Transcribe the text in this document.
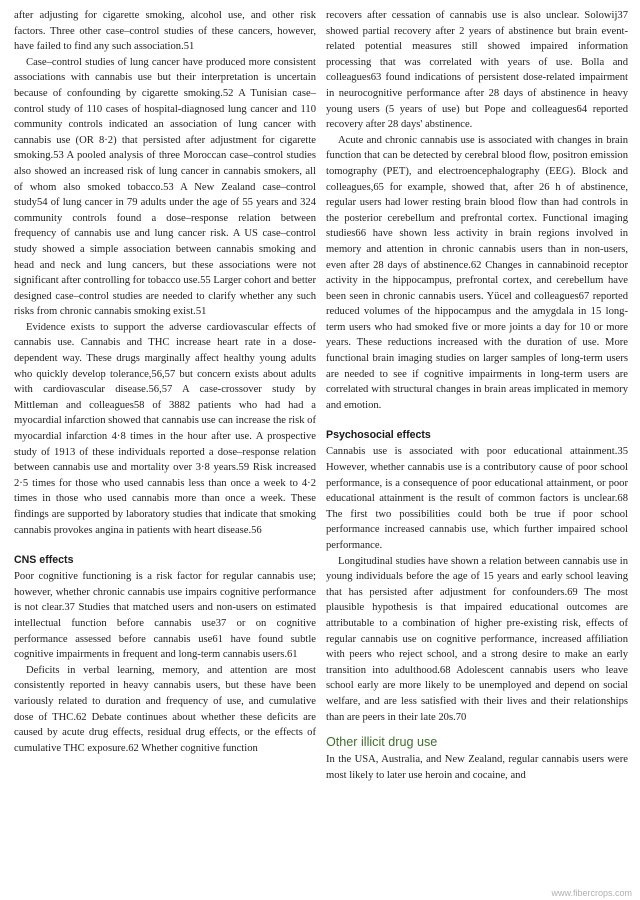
after adjusting for cigarette smoking, alcohol use, and other risk factors. Three other case–control studies of these cancers, however, have failed to find any such association.51

Case–control studies of lung cancer have produced more consistent associations with cannabis use but their interpretation is uncertain because of confounding by cigarette smoking.52 A Tunisian case–control study of 110 cases of hospital-diagnosed lung cancer and 110 community controls indicated an association of lung cancer with cannabis use (OR 8·2) that persisted after adjustment for cigarette smoking.53 A pooled analysis of three Moroccan case–control studies also showed an increased risk of lung cancer in cannabis smokers, all of whom also smoked tobacco.53 A New Zealand case–control study54 of lung cancer in 79 adults under the age of 55 years and 324 community controls found a dose–response relation between frequency of cannabis use and lung cancer risk. A US case–control study showed a simple association between cannabis smoking and head and neck and lung cancers, but these associations were not significant after controlling for tobacco use.55 Larger cohort and better designed case–control studies are needed to clarify whether any such risks from chronic cannabis smoking exist.51

Evidence exists to support the adverse cardiovascular effects of cannabis use. Cannabis and THC increase heart rate in a dose-dependent way. These drugs marginally affect healthy young adults who quickly develop tolerance,56,57 but concern exists about adults with cardiovascular disease.56,57 A case-crossover study by Mittleman and colleagues58 of 3882 patients who had had a myocardial infarction showed that cannabis use can increase the risk of myocardial infarction 4·8 times in the hour after use. A prospective study of 1913 of these individuals reported a dose–response relation between cannabis use and mortality over 3·8 years.59 Risk increased 2·5 times for those who used cannabis less than once a week to 4·2 times in those who used cannabis more than once a week. These findings are supported by laboratory studies that indicate that smoking cannabis provokes angina in patients with heart disease.56

CNS effects

Poor cognitive functioning is a risk factor for regular cannabis use; however, whether chronic cannabis use impairs cognitive performance is not clear.37 Studies that matched users and non-users on estimated intellectual function before cannabis use37 or on cognitive performance assessed before cannabis use61 have found subtle cognitive impairments in frequent and long-term cannabis users.61

Deficits in verbal learning, memory, and attention are most consistently reported in heavy cannabis users, but these have been variously related to duration and frequency of use, and cumulative dose of THC.62 Debate continues about whether these deficits are caused by acute drug effects, residual drug effects, or the effects of cumulative THC exposure.62 Whether cognitive function

recovers after cessation of cannabis use is also unclear. Solowij37 showed partial recovery after 2 years of abstinence but brain event-related potential measures still showed impaired information processing that was correlated with years of use. Bolla and colleagues63 found indications of persistent dose-related impairment in neurocognitive performance after 28 days of abstinence in heavy young users (5 years of use) but Pope and colleagues64 reported recovery after 28 days' abstinence.

Acute and chronic cannabis use is associated with changes in brain function that can be detected by cerebral blood flow, positron emission tomography (PET), and electroencephalography (EEG). Block and colleagues,65 for example, showed that, after 26 h of abstinence, regular users had lower resting brain blood flow than had controls in the posterior cerebellum and prefrontal cortex. Functional imaging studies66 have shown less activity in brain regions involved in memory and attention in chronic cannabis users than in non-users, even after 28 days of abstinence.62 Changes in cannabinoid receptor activity in the hippocampus, prefrontal cortex, and cerebellum have been seen in chronic cannabis users. Yücel and colleagues67 reported reduced volumes of the hippocampus and the amygdala in 15 long-term users who had smoked five or more joints a day for 10 or more years. These reductions increased with the duration of use. More functional brain imaging studies on larger samples of long-term users are needed to see if cognitive impairments in long-term users are correlated with structural changes in brain areas implicated in memory and emotion.

Psychosocial effects

Cannabis use is associated with poor educational attainment.35 However, whether cannabis use is a contributory cause of poor school performance, is a consequence of poor educational attainment, or poor educational attainment is the result of common factors is unclear.68 The first two possibilities could both be true if poor school performance increased cannabis use, which further impaired school performance.

Longitudinal studies have shown a relation between cannabis use in young individuals before the age of 15 years and early school leaving that has persisted after adjustment for confounders.69 The most plausible hypothesis is that impaired educational outcomes are attributable to a combination of higher pre-existing risk, effects of regular cannabis use on cognitive performance, increased affiliation with peers who reject school, and a strong desire to make an early transition into adulthood.68 Adolescent cannabis users who leave school early are more likely to be unemployed and depend on social welfare, and are less satisfied with their lives and their relationships than are peers in their late 20s.70

Other illicit drug use

In the USA, Australia, and New Zealand, regular cannabis users were most likely to later use heroin and cocaine, and

www.fibercrops.com
